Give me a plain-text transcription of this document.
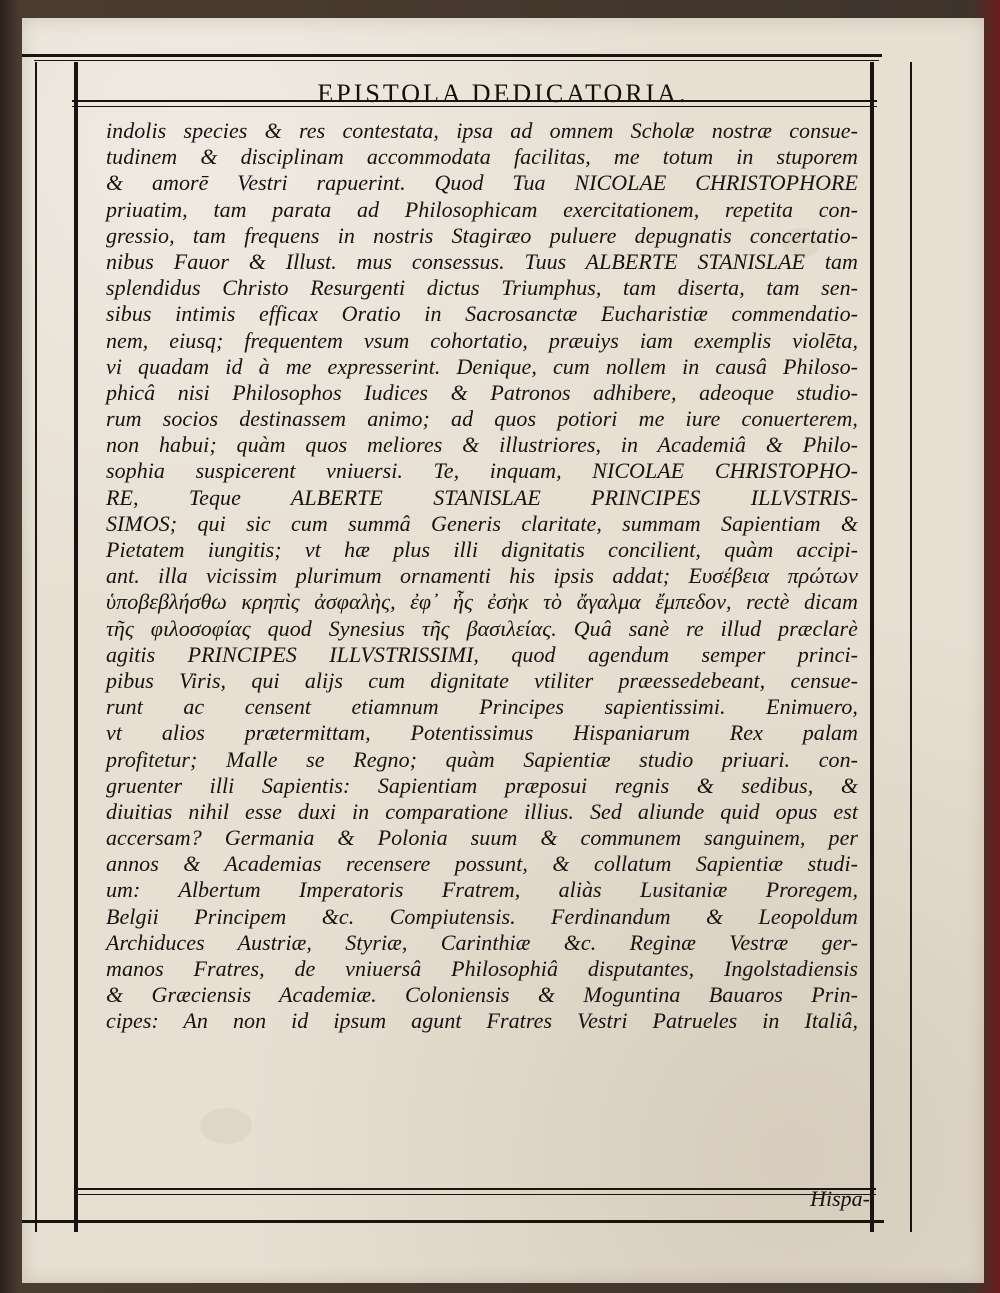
EPISTOLA DEDICATORIA.
indolis species & res contestata, ipsa ad omnem Scholæ nostræ consue-
tudinem & disciplinam accommodata facilitas, me totum in stuporem
& amorē Vestri rapuerint. Quod Tua NICOLAE CHRISTOPHORE
priuatim, tam parata ad Philosophicam exercitationem, repetita con-
gressio, tam frequens in nostris Stagiræo puluere depugnatis concertatio-
nibus Fauor & Illust. mus consessus. Tuus ALBERTE STANISLAE tam
splendidus Christo Resurgenti dictus Triumphus, tam diserta, tam sen-
sibus intimis efficax Oratio in Sacrosanctæ Eucharistiæ commendatio-
nem, eiusq; frequentem vsum cohortatio, præuiys iam exemplis violēta,
vi quadam id à me expresserint. Denique, cum nollem in causâ Philoso-
phicâ nisi Philosophos Iudices & Patronos adhibere, adeoque studio-
rum socios destinassem animo; ad quos potiori me iure conuerterem,
non habui; quàm quos meliores & illustriores, in Academiâ & Philo-
sophia suspicerent vniuersi. Te, inquam, NICOLAE CHRISTOPHO-
RE, Teque ALBERTE STANISLAE PRINCIPES ILLVSTRIS-
SIMOS; qui sic cum summâ Generis claritate, summam Sapientiam &
Pietatem iungitis; vt hæ plus illi dignitatis concilient, quàm accipi-
ant. illa vicissim plurimum ornamenti his ipsis addat; Ευσέβεια πρώτων
ὑποβεβλήσθω κρηπὶς ἀσφαλὴς, ἐφ᾽ ἧς ἐσὴκ τὸ ἄγαλμα ἔμπεδον, rectè dicam
τῆς φιλοσοφίας quod Synesius τῆς βασιλείας. Quâ sanè re illud præclarè
agitis PRINCIPES ILLVSTRISSIMI, quod agendum semper princi-
pibus Viris, qui alijs cum dignitate vtiliter præessedebeant, censue-
runt ac censent etiamnum Principes sapientissimi. Enimuero,
vt alios prætermittam, Potentissimus Hispaniarum Rex palam
profitetur; Malle se Regno; quàm Sapientiæ studio priuari. con-
gruenter illi Sapientis: Sapientiam præposui regnis & sedibus, &
diuitias nihil esse duxi in comparatione illius. Sed aliunde quid opus est
accersam? Germania & Polonia suum & communem sanguinem, per
annos & Academias recensere possunt, & collatum Sapientiæ studi-
um: Albertum Imperatoris Fratrem, aliàs Lusitaniæ Proregem,
Belgii Principem &c. Compiutensis. Ferdinandum & Leopoldum
Archiduces Austriæ, Styriæ, Carinthiæ &c. Reginæ Vestræ ger-
manos Fratres, de vniuersâ Philosophiâ disputantes, Ingolstadiensis
& Græciensis Academiæ. Coloniensis & Moguntina Bauaros Prin-
cipes: An non id ipsum agunt Fratres Vestri Patrueles in Italiâ,
Hispa-
